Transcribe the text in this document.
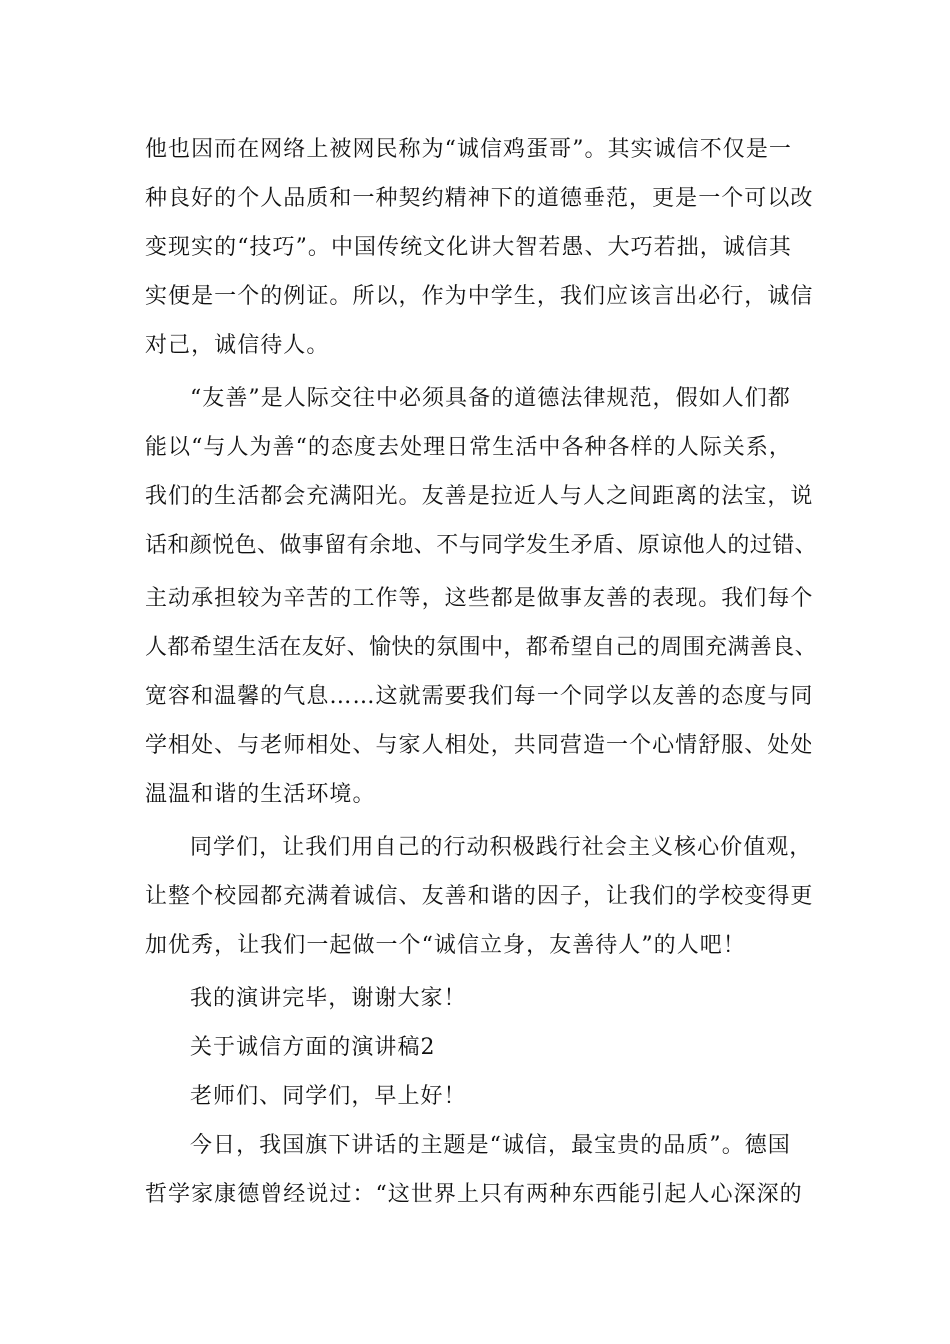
他也因而在网络上被网民称为“诚信鸡蛋哥”。其实诚信不仅是一
种良好的个人品质和一种契约精神下的道德垂范，更是一个可以改
变现实的“技巧”。中国传统文化讲大智若愚、大巧若拙，诚信其
实便是一个的例证。所以，作为中学生，我们应该言出必行，诚信
对己，诚信待人。
“友善”是人际交往中必须具备的道德法律规范，假如人们都
能以“与人为善“的态度去处理日常生活中各种各样的人际关系，
我们的生活都会充满阳光。友善是拉近人与人之间距离的法宝，说
话和颜悦色、做事留有余地、不与同学发生矛盾、原谅他人的过错、
主动承担较为辛苦的工作等，这些都是做事友善的表现。我们每个
人都希望生活在友好、愉快的氛围中，都希望自己的周围充满善良、
宽容和温馨的气息……这就需要我们每一个同学以友善的态度与同
学相处、与老师相处、与家人相处，共同营造一个心情舒服、处处
温温和谐的生活环境。
同学们，让我们用自己的行动积极践行社会主义核心价值观，
让整个校园都充满着诚信、友善和谐的因子，让我们的学校变得更
加优秀，让我们一起做一个“诚信立身，友善待人”的人吧！
我的演讲完毕，谢谢大家！
关于诚信方面的演讲稿2
老师们、同学们，早上好！
今日，我国旗下讲话的主题是“诚信，最宝贵的品质”。德国
哲学家康德曾经说过：“这世界上只有两种东西能引起人心深深的
